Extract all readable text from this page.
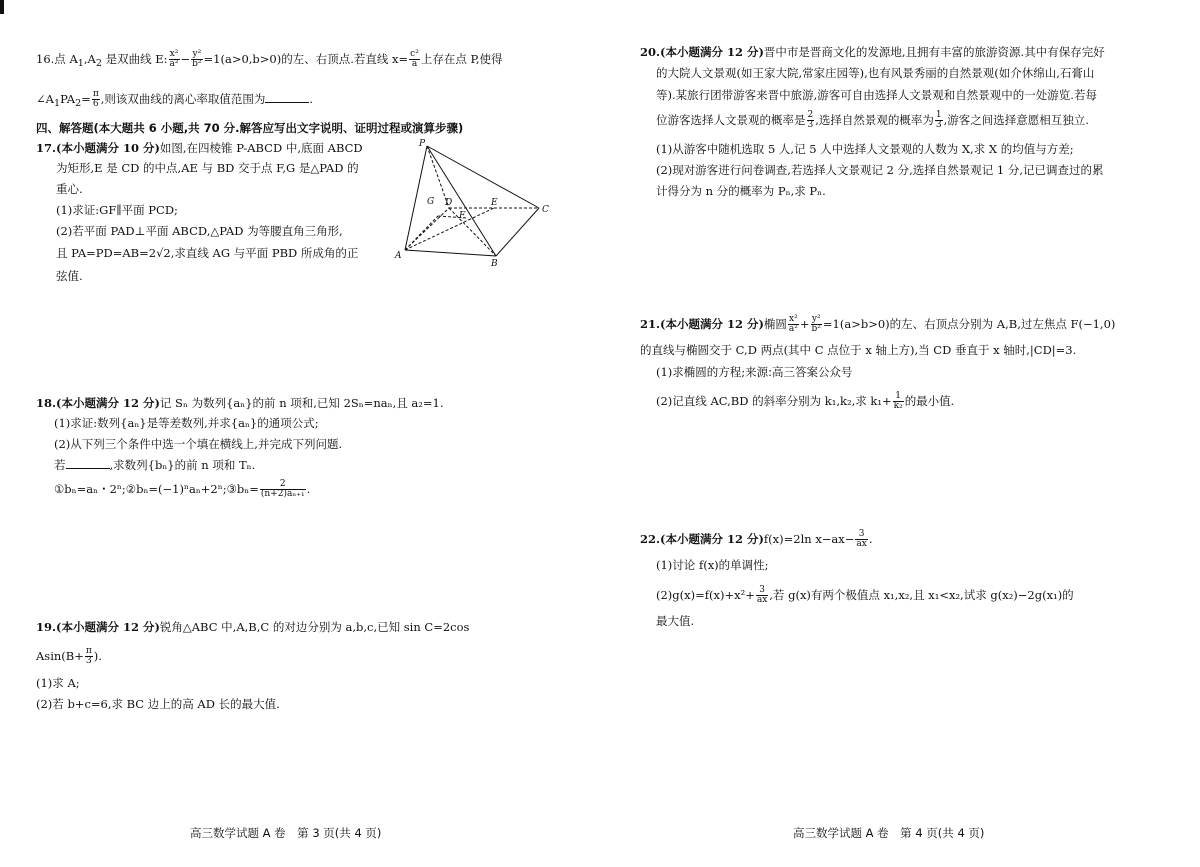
16.点 $A_1,A_2$ 是双曲线 E: $\frac{\text{x²}}{\text{a²}} - \frac{\text{y²}}{\text{b²}} =1(a>0,b>0)$的左、右顶点.若直线 $x= \frac{\text{c²}}{a}$ 上存在点 P,使得
$\angle A_1PA_2= \frac{\pi}{6}$ ,则该双曲线的离心率取值范围为	.
四、解答题(本大题共 6 小题,共 70 分.解答应写出文字说明、证明过程或演算步骤)
17.(本小题满分 10 分)如图,在四棱锥 P-ABCD 中,底面 ABCD
为矩形,E 是 CD 的中点,AE 与 BD 交于点 F,G 是△PAD 的
重心.
(1)求证:GF∥平面 PCD;
(2)若平面 PAD⊥平面 ABCD,△PAD 为等腰直角三角形,
且 PA=PD=AB=2√2,求直线 AG 与平面 PBD 所成角的正
弦值.
P
G D
F
E
C
A
B
18.(本小题满分 12 分)记 Sₙ 为数列{aₙ}的前 n 项和,已知 2Sₙ=naₙ,且 a₂=1.
(1)求证:数列{aₙ}是等差数列,并求{aₙ}的通项公式;
(2)从下列三个条件中选一个填在横线上,并完成下列问题.
若	,求数列{bₙ}的前 n 项和 Tₙ.
①bₙ=aₙ・2ⁿ;②bₙ=(−1)ⁿaₙ+2ⁿ;③bₙ= $\frac{2}{\text{(n+2)aₙ₊₁}}$ .
19.(本小题满分 12 分)锐角△ABC 中,A,B,C 的对边分别为 a,b,c,已知 sin C=2cos
$Asin(B+ \frac{\pi}{3}$ ).
(1)求 A;
(2)若 b+c=6,求 BC 边上的高 AD 长的最大值.
高三数学试题 A 卷　第 3 页(共 4 页)
20.(本小题满分 12 分)晋中市是晋商文化的发源地,且拥有丰富的旅游资源.其中有保存完好
的大院人文景观(如王家大院,常家庄园等),也有风景秀丽的自然景观(如介休绵山,石膏山
等).某旅行团带游客来晋中旅游,游客可自由选择人文景观和自然景观中的一处游览.若每
位游客选择人文景观的概率是 $\frac{2}{3}$ ,选择自然景观的概率为 $\frac{1}{3}$ ,游客之间选择意愿相互独立.
(1)从游客中随机选取 5 人,记 5 人中选择人文景观的人数为 X,求 X 的均值与方差;
(2)现对游客进行问卷调查,若选择人文景观记 2 分,选择自然景观记 1 分,记已调查过的累
计得分为 n 分的概率为 Pₙ,求 Pₙ.
21.(本小题满分 12 分)椭圆 $\frac{\text{x²}}{\text{a²}} + \frac{\text{y²}}{\text{b²}} =1(a>b>0)$的左、右顶点分别为 A,B,过左焦点 F(−1,0)
的直线与椭圆交于 C,D 两点(其中 C 点位于 x 轴上方),当 CD 垂直于 x 轴时,|CD|=3.
(1)求椭圆的方程;来源:高三答案公众号
(2)记直线 AC,BD 的斜率分别为 k₁,k₂,求 $k_1+ \frac{1}{\text{k₂}}$ 的最小值.
22.(本小题满分 12 分)f(x)=2ln $x-ax- \frac{3}{ax}$ .
(1)讨论 f(x)的单调性;
$(2)g(x)=f(x)+x^2+ \frac{3}{ax}$ ,若 g(x)有两个极值点 x₁,x₂,且 x₁<x₂,试求 g(x₂)−2g(x₁)的
最大值.
高三数学试题 A 卷　第 4 页(共 4 页)
